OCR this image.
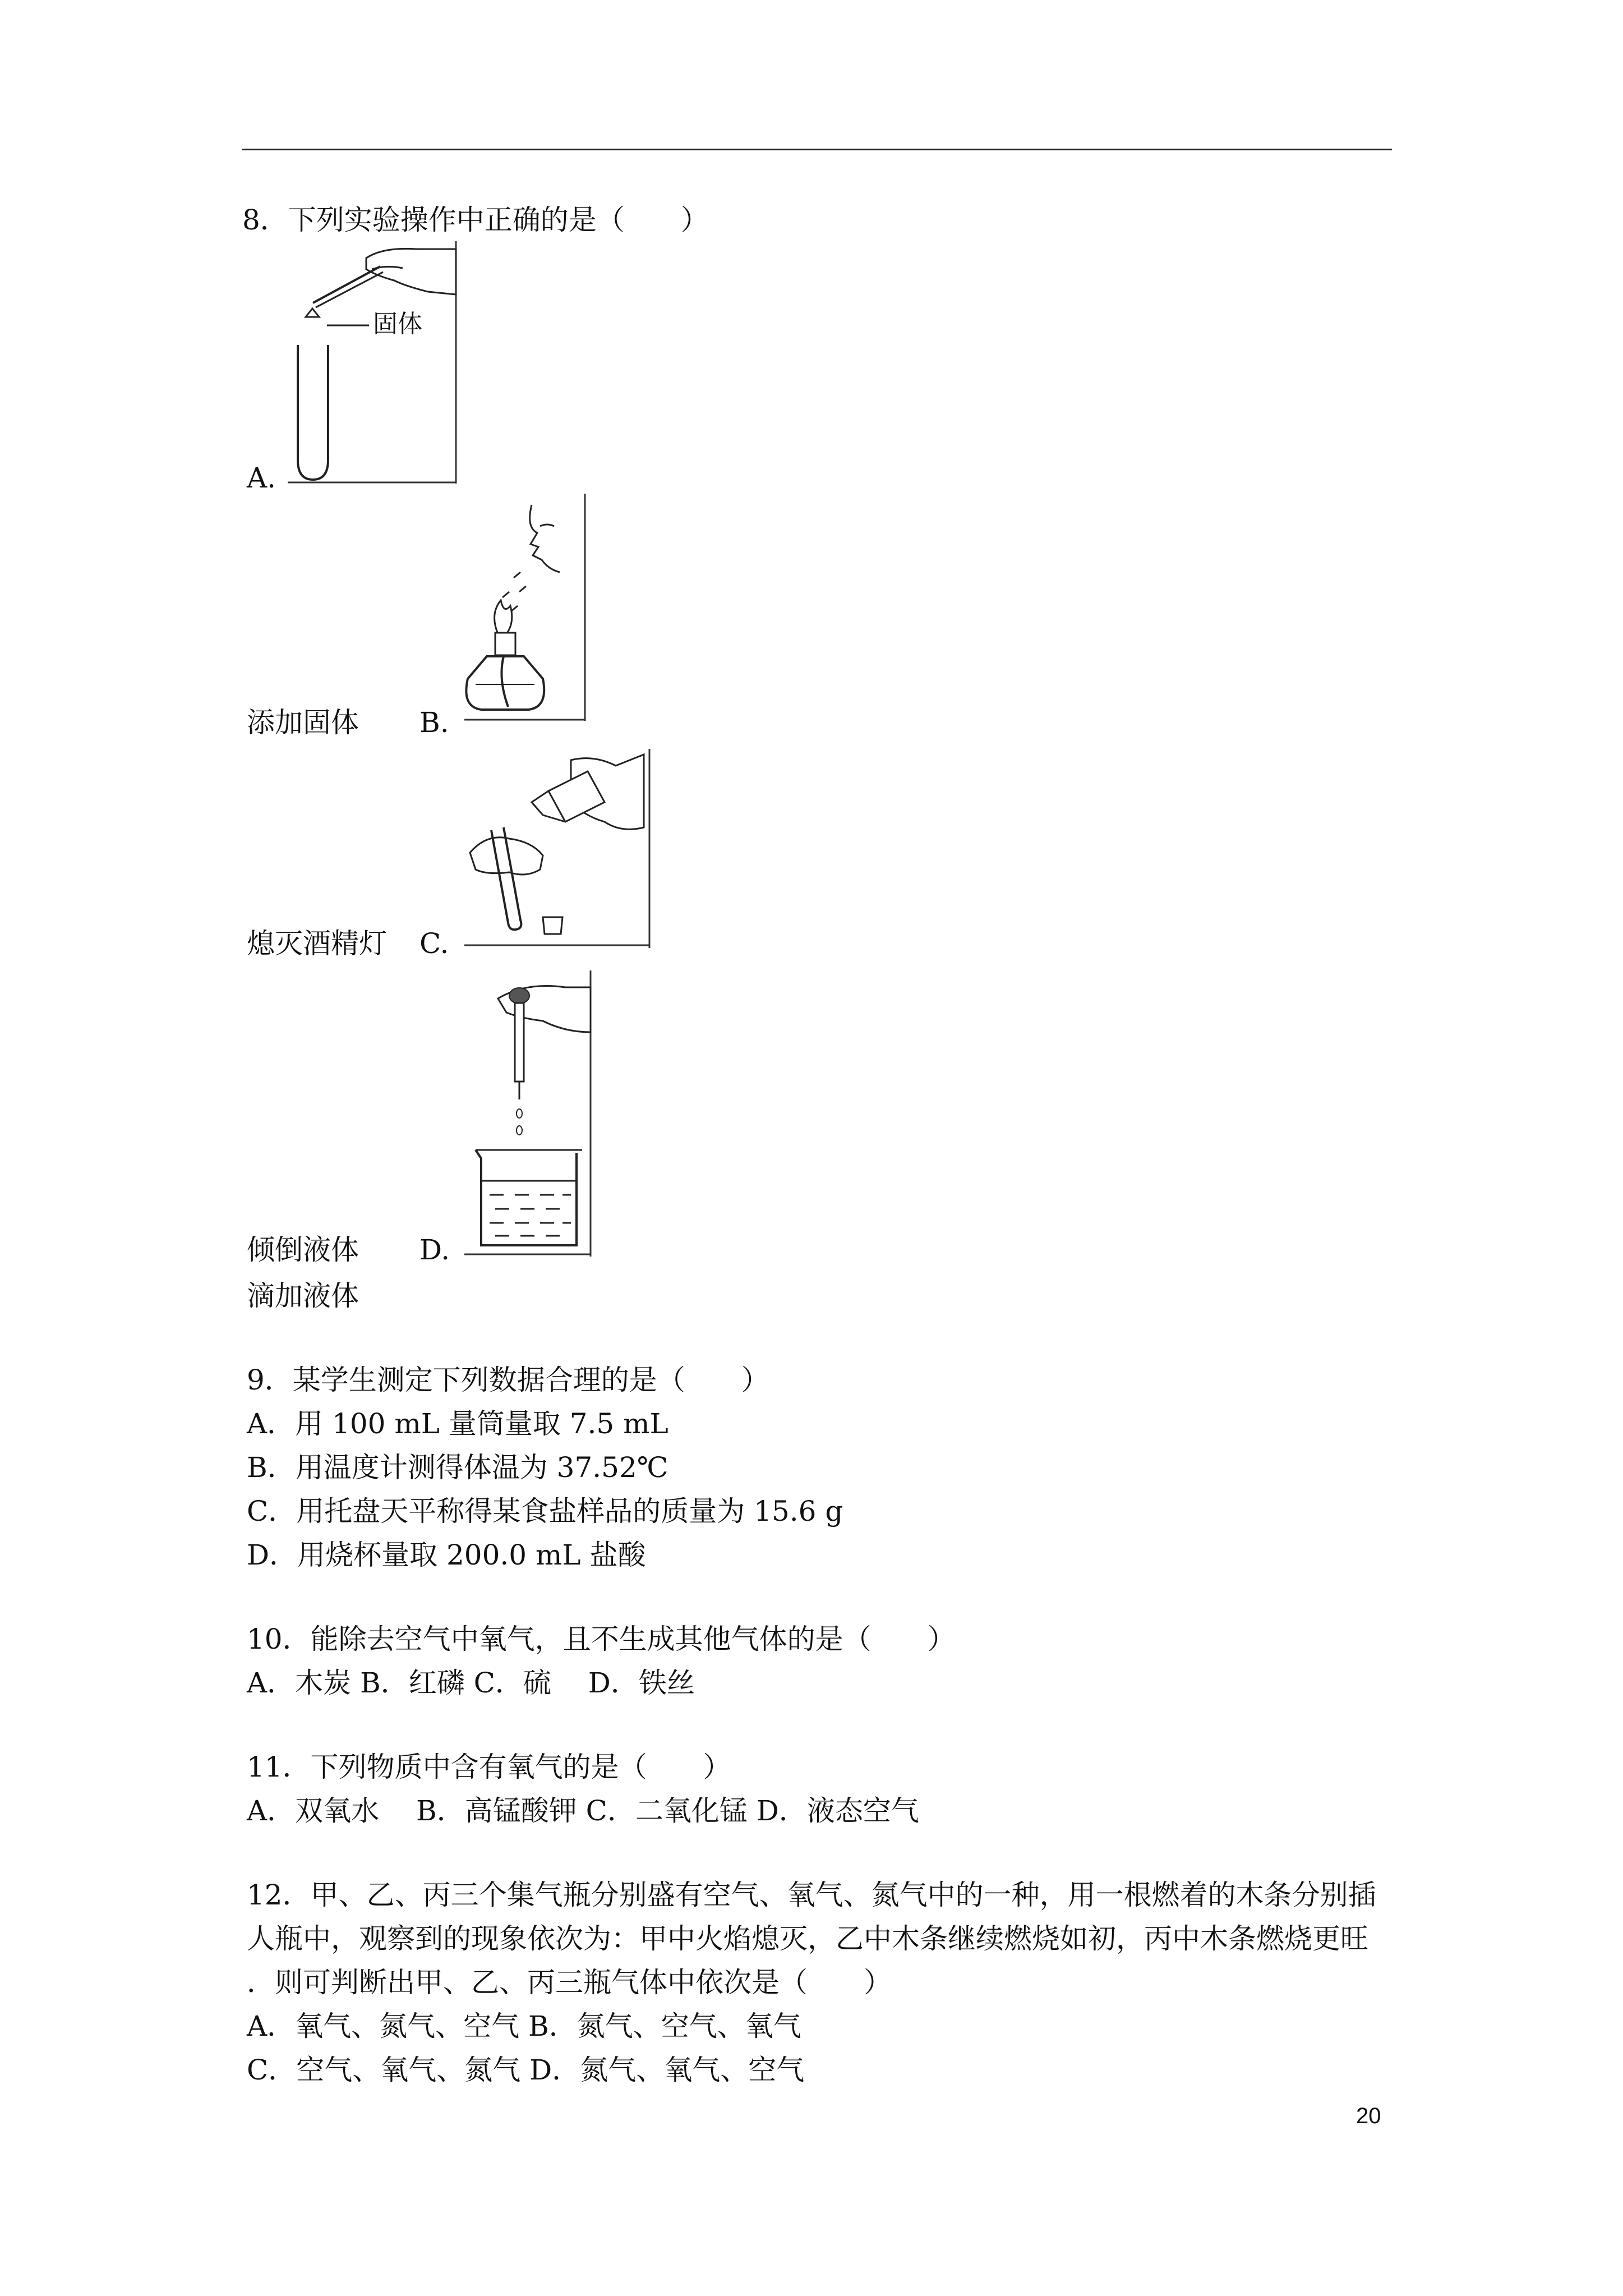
8．下列实验操作中正确的是（　　）
固体
A.
添加固体 B.
熄灭酒精灯 C.
倾倒液体 D.
滴加液体
9．某学生测定下列数据合理的是（　　）
A．用 100 mL 量筒量取 7.5 mL
B．用温度计测得体温为 37.52℃
C．用托盘天平称得某食盐样品的质量为 15.6 g
D．用烧杯量取 200.0 mL 盐酸
10．能除去空气中氧气，且不生成其他气体的是（　　）
A．木炭 B．红磷 C．硫　 D．铁丝
11．下列物质中含有氧气的是（　　）
A．双氧水　 B．高锰酸钾 C．二氧化锰 D．液态空气
12．甲、乙、丙三个集气瓶分别盛有空气、氧气、氮气中的一种，用一根燃着的木条分别插
人瓶中，观察到的现象依次为：甲中火焰熄灭，乙中木条继续燃烧如初，丙中木条燃烧更旺
．则可判断出甲、乙、丙三瓶气体中依次是（　　）
A．氧气、氮气、空气 B．氮气、空气、氧气
C．空气、氧气、氮气 D．氮气、氧气、空气
20
